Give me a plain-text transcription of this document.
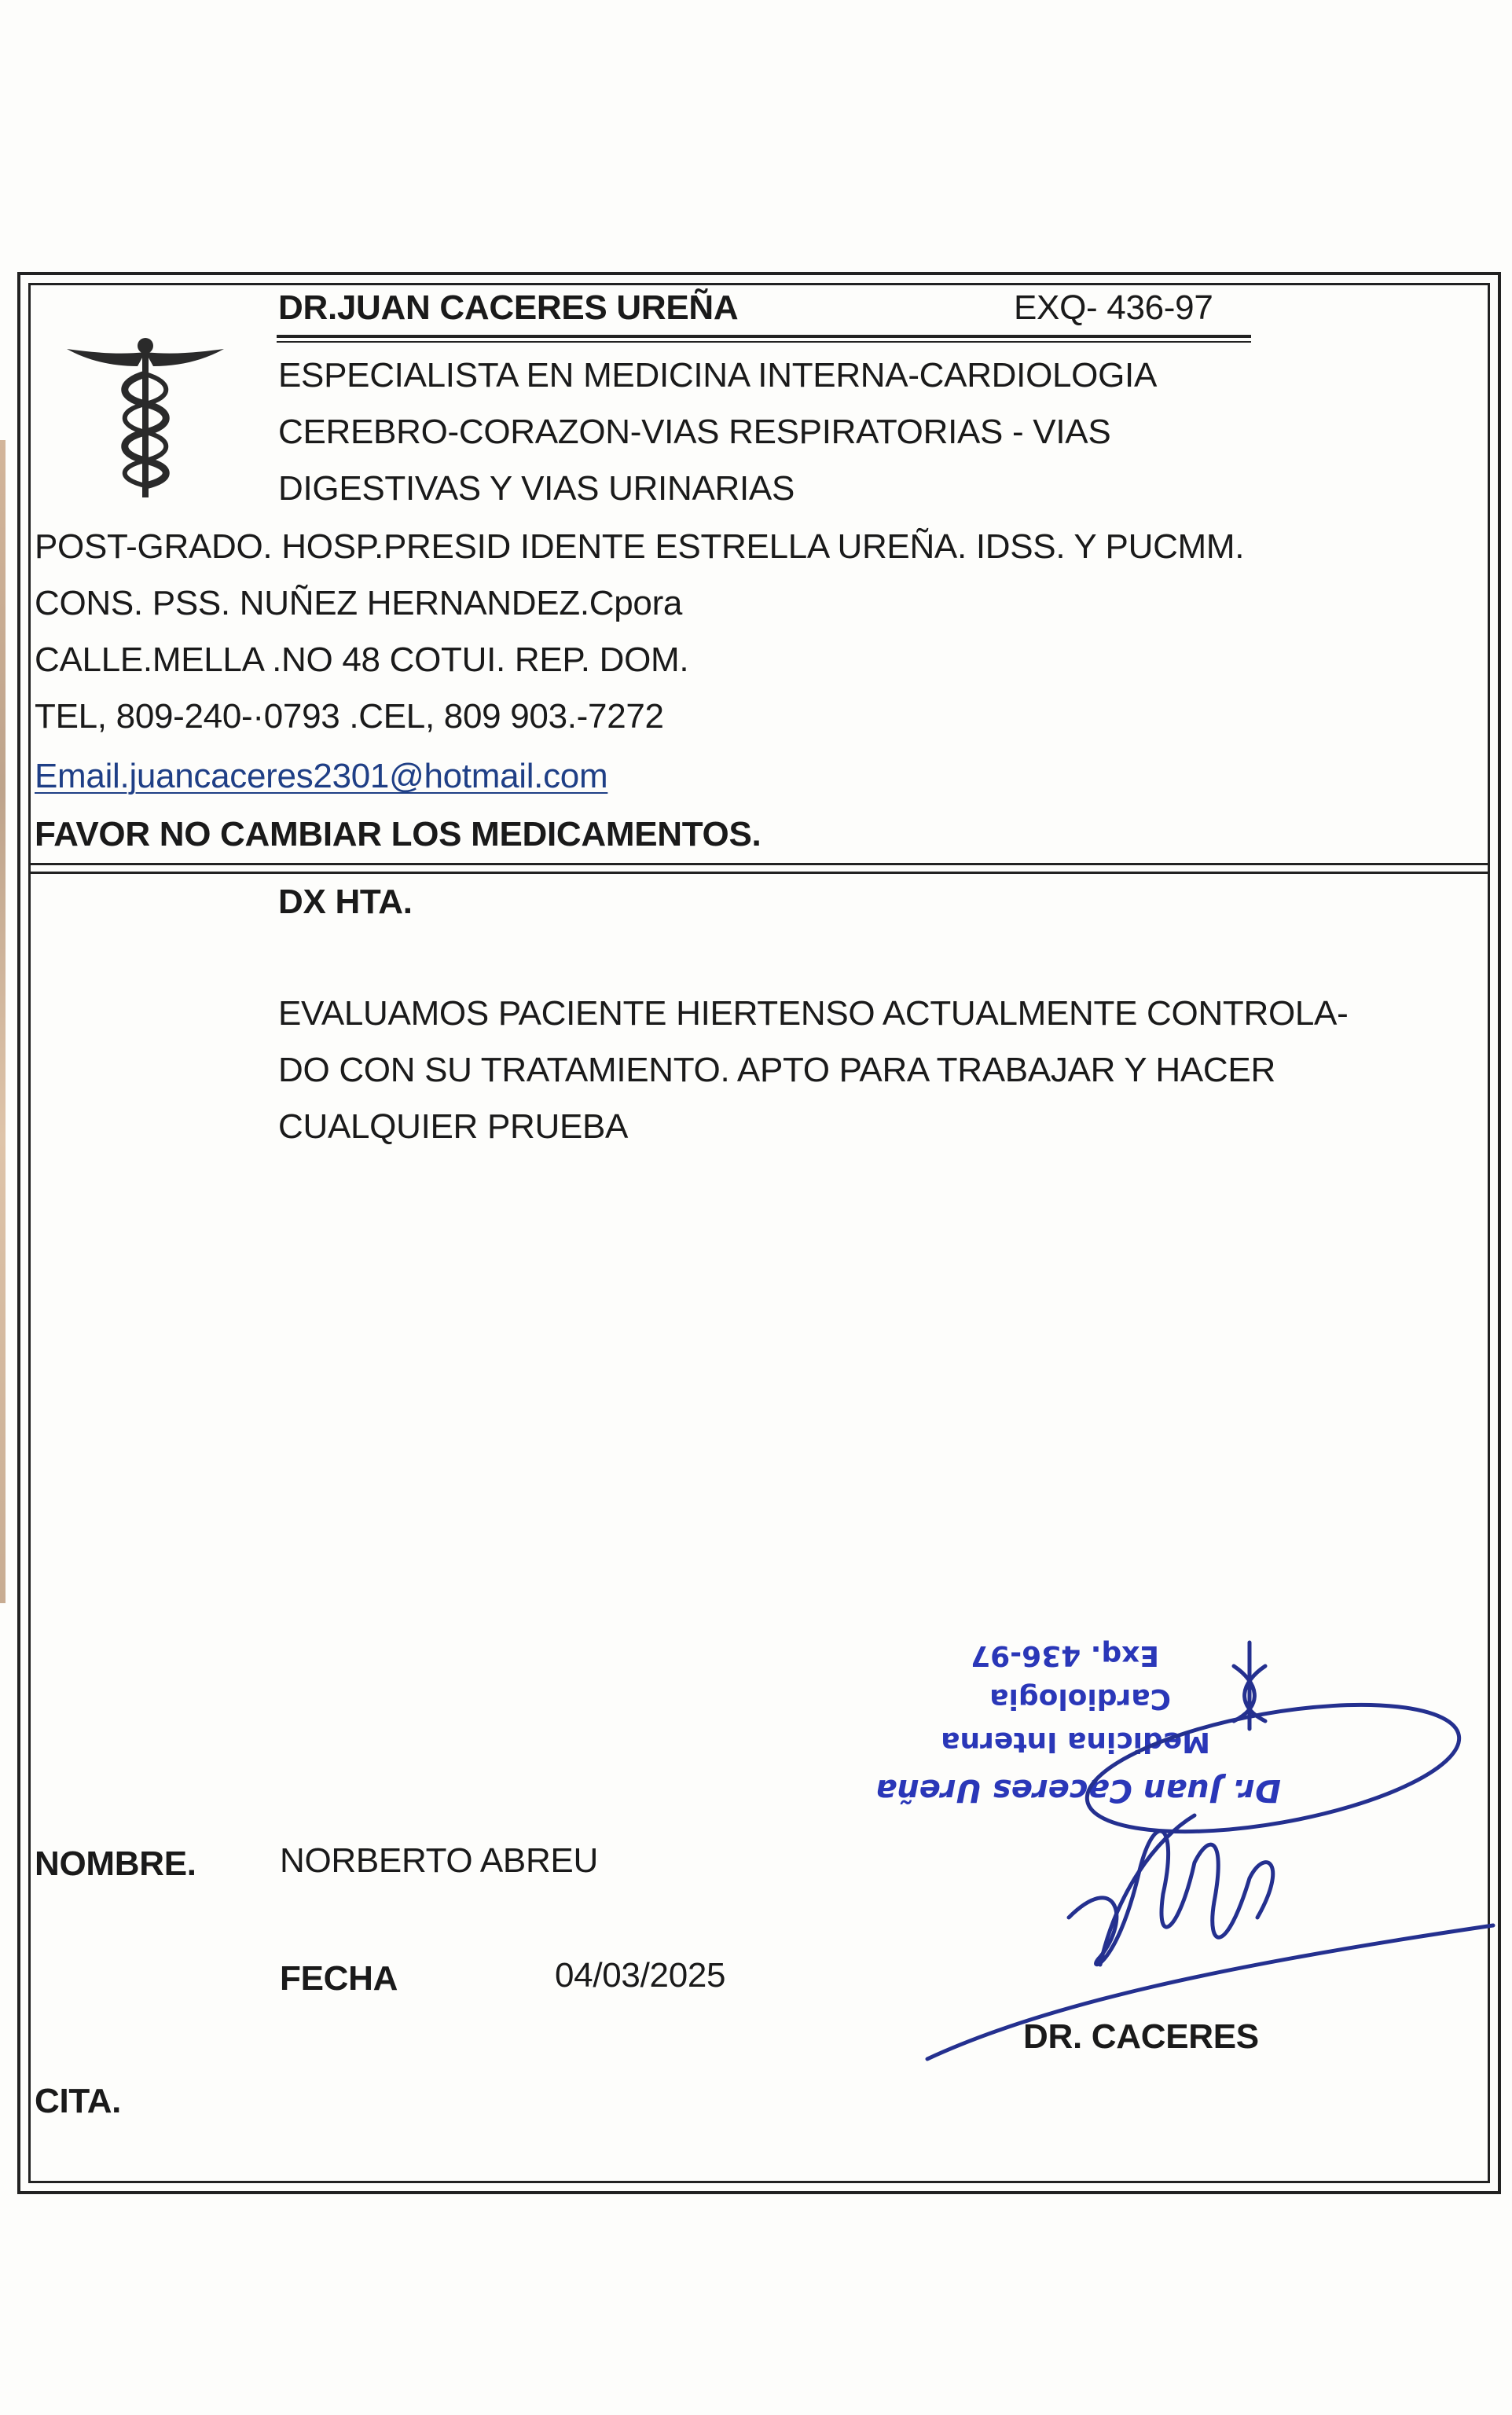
DR.JUAN CACERES UREÑA	EXQ- 436-97
ESPECIALISTA EN MEDICINA INTERNA-CARDIOLOGIA
CEREBRO-CORAZON-VIAS RESPIRATORIAS - VIAS
DIGESTIVAS Y VIAS URINARIAS
POST-GRADO. HOSP.PRESID IDENTE ESTRELLA UREÑA. IDSS. Y PUCMM.
CONS. PSS. NUÑEZ HERNANDEZ.Cpora
CALLE.MELLA .NO 48 COTUI. REP. DOM.
TEL, 809-240-·0793 .CEL, 809 903.-7272
Email.juancaceres2301@hotmail.com
FAVOR NO CAMBIAR LOS MEDICAMENTOS.
DX HTA.
EVALUAMOS PACIENTE HIERTENSO ACTUALMENTE CONTROLA-
DO CON SU TRATAMIENTO. APTO PARA TRABAJAR Y HACER
CUALQUIER PRUEBA
Dr. Juan Caceres Ureña
Medicina Interna
Cardiologia
Exq. 436-97
NOMBRE. NORBERTO ABREU
FECHA	04/03/2025
DR. CACERES
CITA.
